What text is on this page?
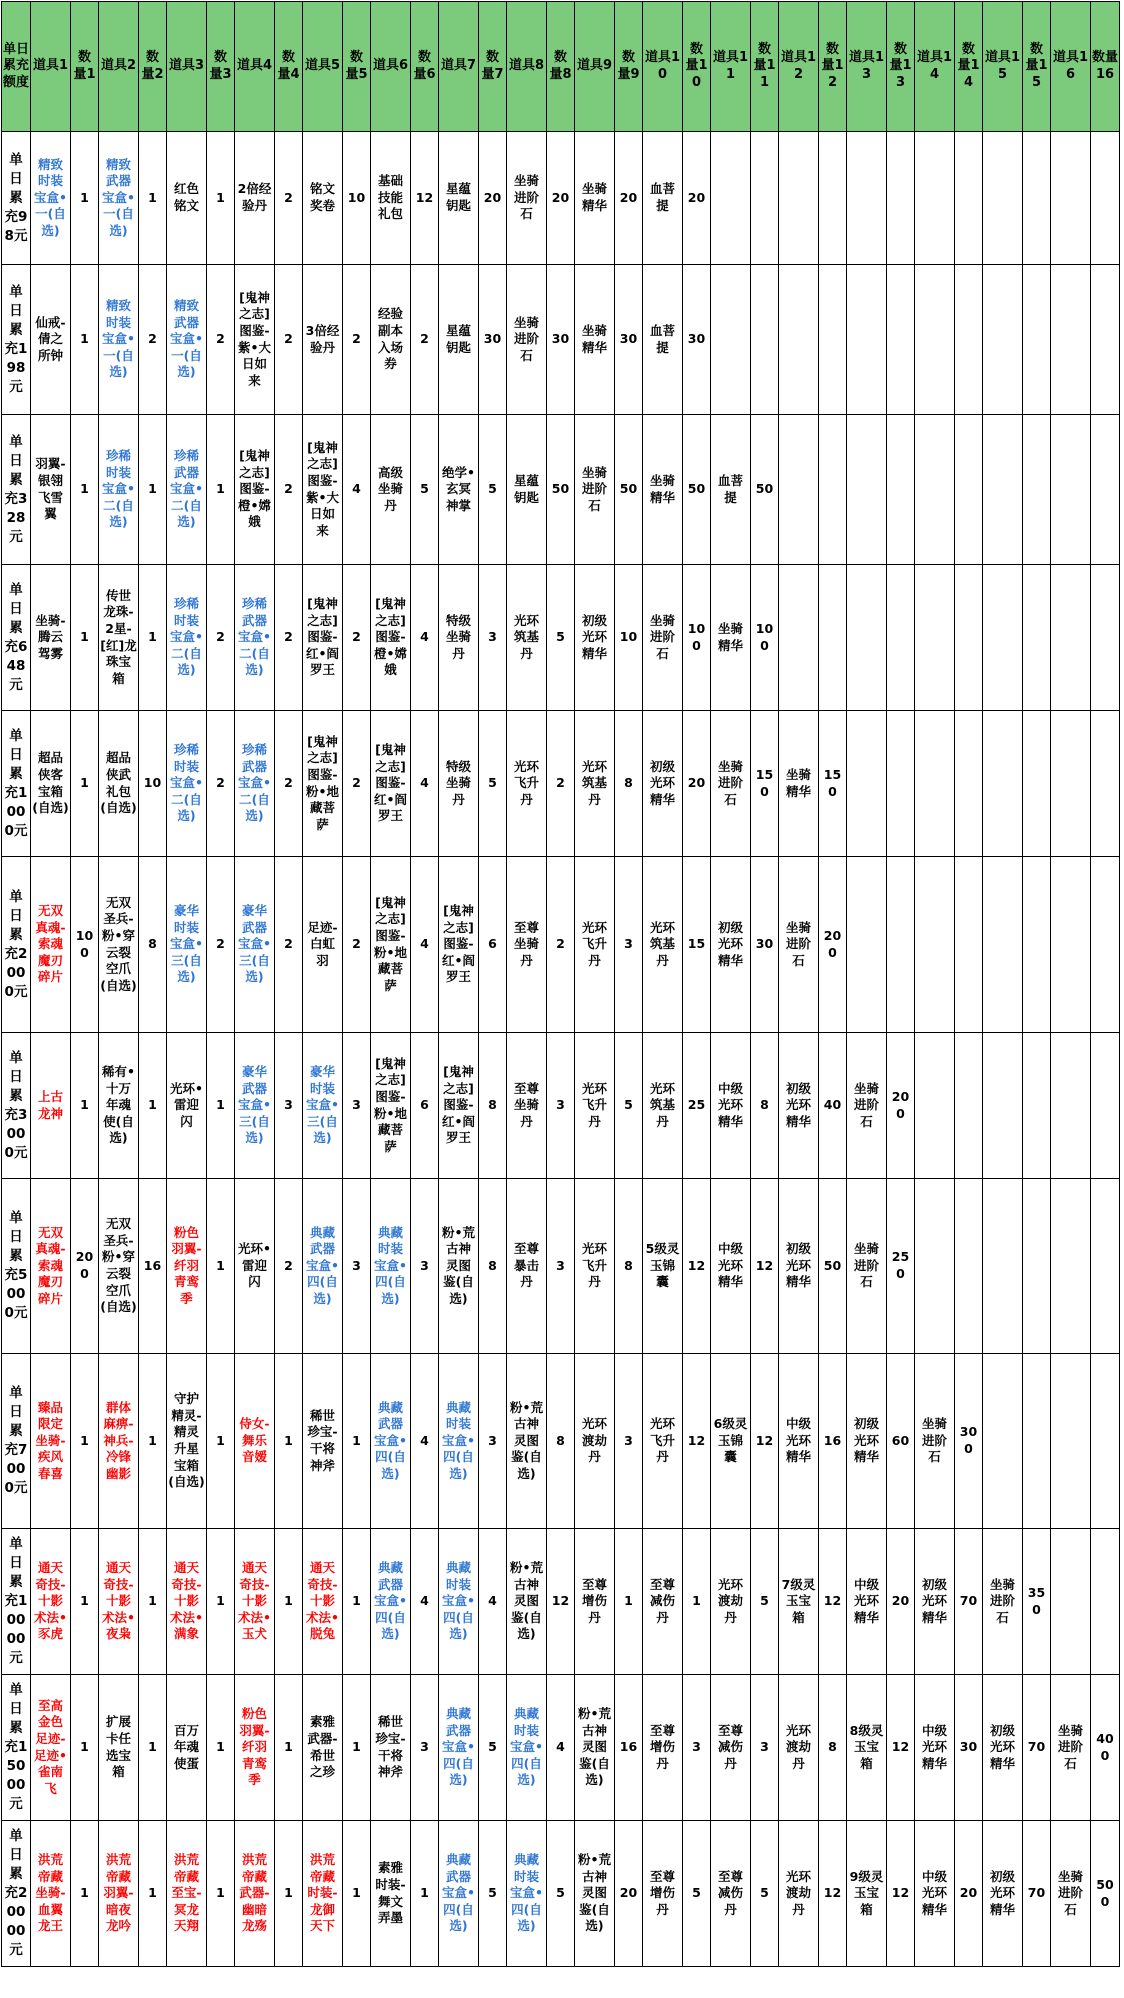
单日累充额度	道具1	数量1	道具2	数量2	道具3	数量3	道具4	数量4	道具5	数量5	道具6	数量6	道具7	数量7	道具8	数量8	道具9	数量9	道具10	数量10	道具11	数量11	道具12	数量12	道具13	数量13	道具14	数量14	道具15	数量15	道具16	数量16
单日累充98元	精致时装宝盒•一(自选)	1	精致武器宝盒•一(自选)	1	红色铭文	1	2倍经验丹	2	铭文奖卷	10	基础技能礼包	12	星蕴钥匙	20	坐骑进阶石	20	坐骑精华	20	血菩提	20												
单日累充198元	仙戒-倩之所钟	1	精致时装宝盒•一(自选)	2	精致武器宝盒•一(自选)	2	[鬼神之志]图鉴-紫•大日如来	2	3倍经验丹	2	经验副本入场券	2	星蕴钥匙	30	坐骑进阶石	30	坐骑精华	30	血菩提	30												
单日累充328元	羽翼-银翎飞雪翼	1	珍稀时装宝盒•二(自选)	1	珍稀武器宝盒•二(自选)	1	[鬼神之志]图鉴-橙•嫦娥	2	[鬼神之志]图鉴-紫•大日如来	4	高级坐骑丹	5	绝学•玄冥神掌	5	星蕴钥匙	50	坐骑进阶石	50	坐骑精华	50	血菩提	50										
单日累充648元	坐骑-腾云驾雾	1	传世龙珠-2星-[红]龙珠宝箱	1	珍稀时装宝盒•二(自选)	2	珍稀武器宝盒•二(自选)	2	[鬼神之志]图鉴-红•阎罗王	2	[鬼神之志]图鉴-橙•嫦娥	4	特级坐骑丹	3	光环筑基丹	5	初级光环精华	10	坐骑进阶石	100	坐骑精华	100										
单日累充1000元	超品侠客宝箱(自选)	1	超品侠武礼包(自选)	10	珍稀时装宝盒•二(自选)	2	珍稀武器宝盒•二(自选)	2	[鬼神之志]图鉴-粉•地藏菩萨	2	[鬼神之志]图鉴-红•阎罗王	4	特级坐骑丹	5	光环飞升丹	2	光环筑基丹	8	初级光环精华	20	坐骑进阶石	150	坐骑精华	150								
单日累充2000元	无双真魂-索魂魔刃碎片	100	无双圣兵-粉•穿云裂空爪(自选)	8	豪华时装宝盒•三(自选)	2	豪华武器宝盒•三(自选)	2	足迹-白虹羽	2	[鬼神之志]图鉴-粉•地藏菩萨	4	[鬼神之志]图鉴-红•阎罗王	6	至尊坐骑丹	2	光环飞升丹	3	光环筑基丹	15	初级光环精华	30	坐骑进阶石	200								
单日累充3000元	上古龙神	1	稀有•十万年魂使(自选)	1	光环•雷迎闪	1	豪华武器宝盒•三(自选)	3	豪华时装宝盒•三(自选)	3	[鬼神之志]图鉴-粉•地藏菩萨	6	[鬼神之志]图鉴-红•阎罗王	8	至尊坐骑丹	3	光环飞升丹	5	光环筑基丹	25	中级光环精华	8	初级光环精华	40	坐骑进阶石	200						
单日累充5000元	无双真魂-索魂魔刃碎片	200	无双圣兵-粉•穿云裂空爪(自选)	16	粉色羽翼-纤羽青鸾季	1	光环•雷迎闪	2	典藏武器宝盒•四(自选)	3	典藏时装宝盒•四(自选)	3	粉•荒古神灵图鉴(自选)	8	至尊暴击丹	3	光环飞升丹	8	5级灵玉锦囊	12	中级光环精华	12	初级光环精华	50	坐骑进阶石	250						
单日累充7000元	臻品限定坐骑-疾风春喜	1	群体麻痹-神兵-冷锋幽影	1	守护精灵-精灵升星宝箱(自选)	1	侍女-舞乐音嫒	1	稀世珍宝-干将神斧	1	典藏武器宝盒•四(自选)	4	典藏时装宝盒•四(自选)	3	粉•荒古神灵图鉴(自选)	8	光环渡劫丹	3	光环飞升丹	12	6级灵玉锦囊	12	中级光环精华	16	初级光环精华	60	坐骑进阶石	300				
单日累充10000元	通天奇技-十影术法•豕虎	1	通天奇技-十影术法•夜枭	1	通天奇技-十影术法•满象	1	通天奇技-十影术法•玉犬	1	通天奇技-十影术法•脱兔	1	典藏武器宝盒•四(自选)	4	典藏时装宝盒•四(自选)	4	粉•荒古神灵图鉴(自选)	12	至尊增伤丹	1	至尊减伤丹	1	光环渡劫丹	5	7级灵玉宝箱	12	中级光环精华	20	初级光环精华	70	坐骑进阶石	350		
单日累充15000元	至高金色足迹-足迹•雀南飞	1	扩展卡任选宝箱	1	百万年魂使蛋	1	粉色羽翼-纤羽青鸾季	1	素雅武器-希世之珍	1	稀世珍宝-干将神斧	3	典藏武器宝盒•四(自选)	5	典藏时装宝盒•四(自选)	4	粉•荒古神灵图鉴(自选)	16	至尊增伤丹	3	至尊减伤丹	3	光环渡劫丹	8	8级灵玉宝箱	12	中级光环精华	30	初级光环精华	70	坐骑进阶石	400
单日累充20000元	洪荒帝藏坐骑-血翼龙王	1	洪荒帝藏羽翼-暗夜龙吟	1	洪荒帝藏至宝-冥龙天翔	1	洪荒帝藏武器-幽暗龙殇	1	洪荒帝藏时装-龙御天下	1	素雅时装-舞文弄墨	1	典藏武器宝盒•四(自选)	5	典藏时装宝盒•四(自选)	5	粉•荒古神灵图鉴(自选)	20	至尊增伤丹	5	至尊减伤丹	5	光环渡劫丹	12	9级灵玉宝箱	12	中级光环精华	20	初级光环精华	70	坐骑进阶石	500
